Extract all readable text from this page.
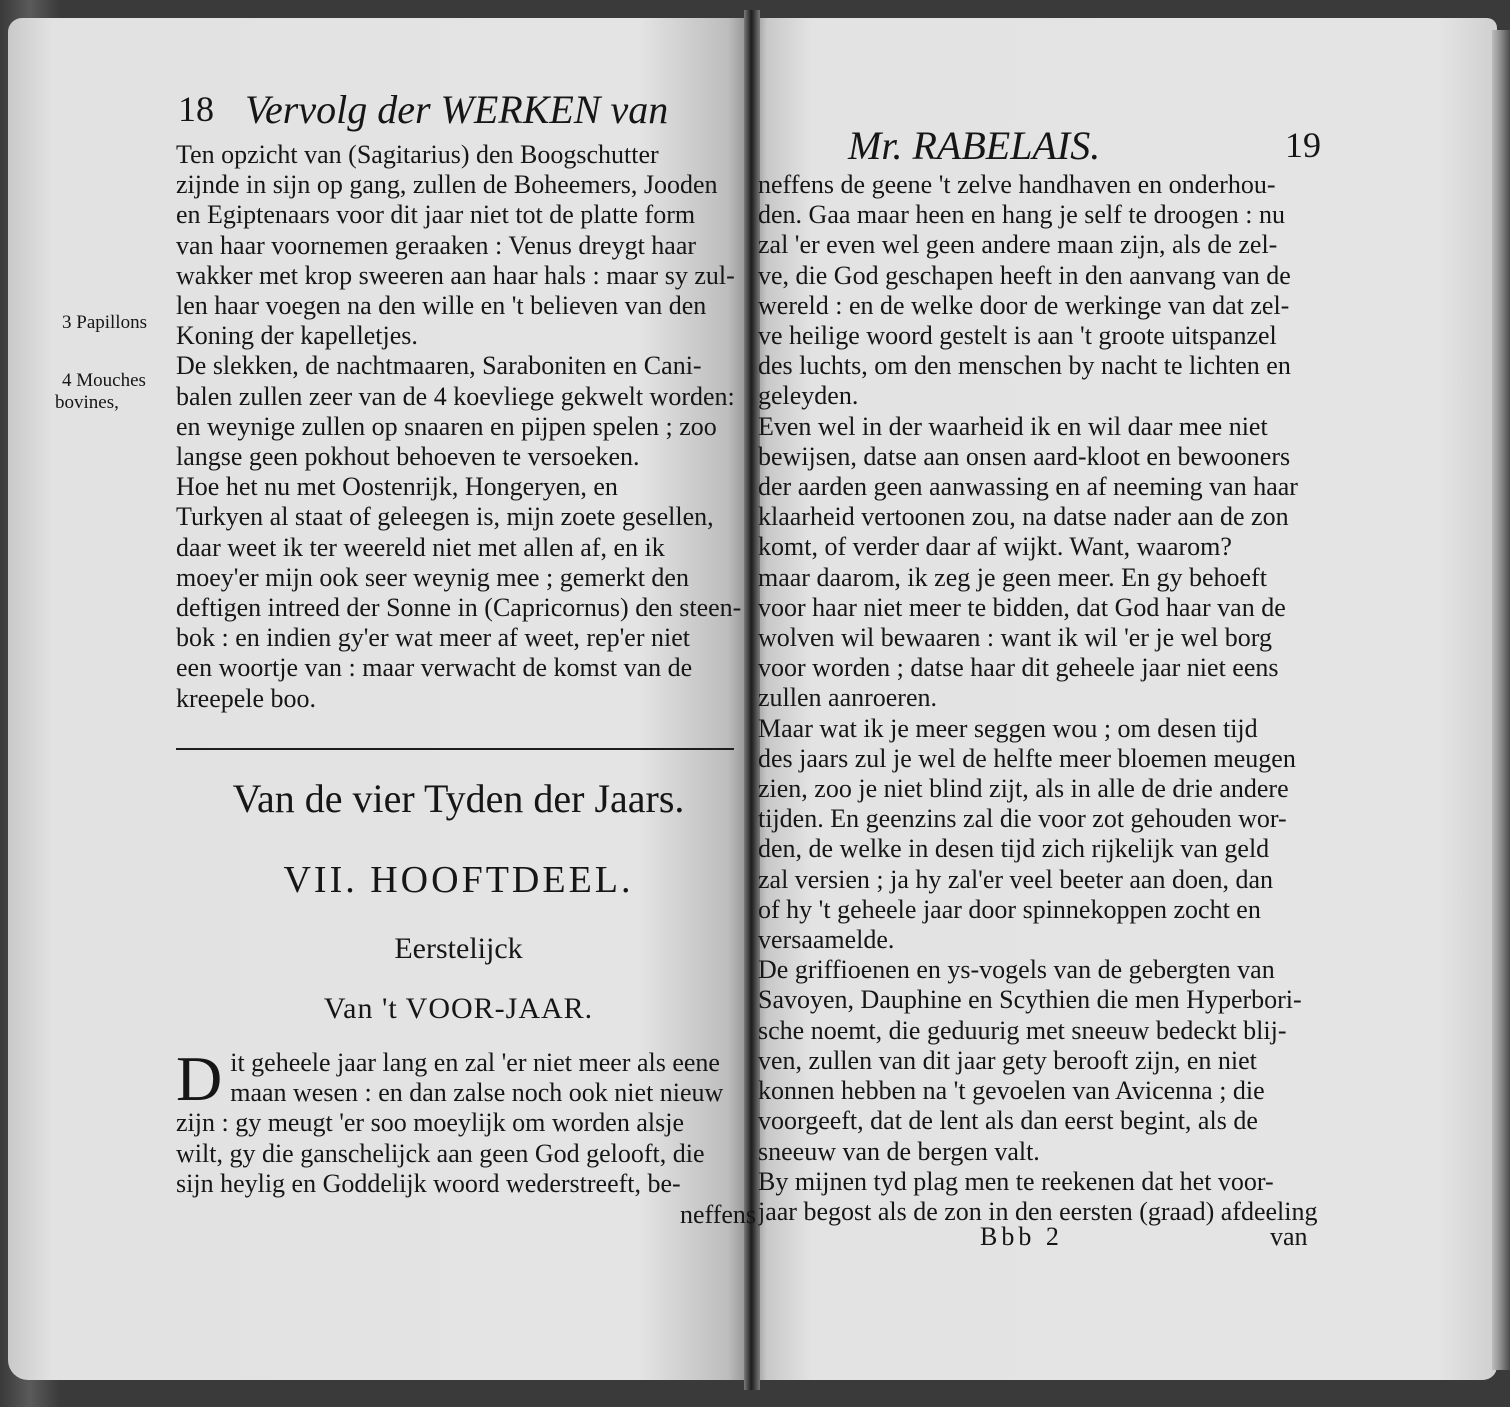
18 Vervolg der WERKEN van
3 Papillons
4 Mouches
bovines,
Ten opzicht van (Sagitarius) den Boogschutter
zijnde in sijn op gang, zullen de Boheemers, Jooden
en Egiptenaars voor dit jaar niet tot de platte form
van haar voornemen geraaken : Venus dreygt haar
wakker met krop sweeren aan haar hals : maar sy zul-
len haar voegen na den wille en 't believen van den
Koning der kapelletjes.
De slekken, de nachtmaaren, Saraboniten en Cani-
balen zullen zeer van de 4 koevliege gekwelt worden:
en weynige zullen op snaaren en pijpen spelen ; zoo
langse geen pokhout behoeven te versoeken.
Hoe het nu met Oostenrijk, Hongeryen, en
Turkyen al staat of geleegen is, mijn zoete gesellen,
daar weet ik ter weereld niet met allen af, en ik
moey'er mijn ook seer weynig mee ; gemerkt den
deftigen intreed der Sonne in (Capricornus) den steen-
bok : en indien gy'er wat meer af weet, rep'er niet
een woortje van : maar verwacht de komst van de
kreepele boo.
Van de vier Tyden der Jaars.
VII. HOOFTDEEL.
Eerstelijck
Van 't VOOR-JAAR.
D it geheele jaar lang en zal 'er niet meer als eene
maan wesen : en dan zalse noch ook niet nieuw
zijn : gy meugt 'er soo moeylijk om worden alsje
wilt, gy die ganschelijck aan geen God gelooft, die
sijn heylig en Goddelijk woord wederstreeft, be-
neffens
Mr. RABELAIS.	19
neffens de geene 't zelve handhaven en onderhou-
den. Gaa maar heen en hang je self te droogen : nu
zal 'er even wel geen andere maan zijn, als de zel-
ve, die God geschapen heeft in den aanvang van de
wereld : en de welke door de werkinge van dat zel-
ve heilige woord gestelt is aan 't groote uitspanzel
des luchts, om den menschen by nacht te lichten en
geleyden.
Even wel in der waarheid ik en wil daar mee niet
bewijsen, datse aan onsen aard-kloot en bewooners
der aarden geen aanwassing en af neeming van haar
klaarheid vertoonen zou, na datse nader aan de zon
komt, of verder daar af wijkt. Want, waarom?
maar daarom, ik zeg je geen meer. En gy behoeft
voor haar niet meer te bidden, dat God haar van de
wolven wil bewaaren : want ik wil 'er je wel borg
voor worden ; datse haar dit geheele jaar niet eens
zullen aanroeren.
Maar wat ik je meer seggen wou ; om desen tijd
des jaars zul je wel de helfte meer bloemen meugen
zien, zoo je niet blind zijt, als in alle de drie andere
tijden. En geenzins zal die voor zot gehouden wor-
den, de welke in desen tijd zich rijkelijk van geld
zal versien ; ja hy zal'er veel beeter aan doen, dan
of hy 't geheele jaar door spinnekoppen zocht en
versaamelde.
De griffioenen en ys-vogels van de gebergten van
Savoyen, Dauphine en Scythien die men Hyperbori-
sche noemt, die geduurig met sneeuw bedeckt blij-
ven, zullen van dit jaar gety berooft zijn, en niet
konnen hebben na 't gevoelen van Avicenna ; die
voorgeeft, dat de lent als dan eerst begint, als de
sneeuw van de bergen valt.
By mijnen tyd plag men te reekenen dat het voor-
jaar begost als de zon in den eersten (graad) afdeeling
Bbb 2	van
